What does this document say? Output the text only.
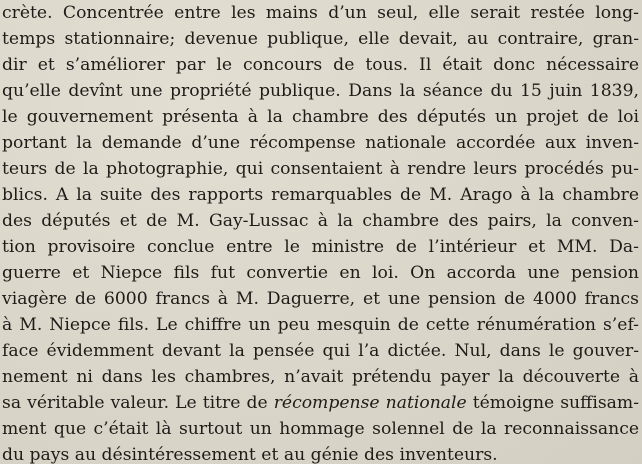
crète. Concentrée entre les mains d’un seul, elle serait restée long-
temps stationnaire; devenue publique, elle devait, au contraire, gran-
dir et s’améliorer par le concours de tous. Il était donc nécessaire
qu’elle devînt une propriété publique. Dans la séance du 15 juin 1839,
le gouvernement présenta à la chambre des députés un projet de loi
portant la demande d’une récompense nationale accordée aux inven-
teurs de la photographie, qui consentaient à rendre leurs procédés pu-
blics. A la suite des rapports remarquables de M. Arago à la chambre
des députés et de M. Gay-Lussac à la chambre des pairs, la conven-
tion provisoire conclue entre le ministre de l’intérieur et MM. Da-
guerre et Niepce fils fut convertie en loi. On accorda une pension
viagère de 6000 francs à M. Daguerre, et une pension de 4000 francs
à M. Niepce fils. Le chiffre un peu mesquin de cette rénumération s’ef-
face évidemment devant la pensée qui l’a dictée. Nul, dans le gouver-
nement ni dans les chambres, n’avait prétendu payer la découverte à
sa véritable valeur. Le titre de récompense nationale témoigne suffisam-
ment que c’était là surtout un hommage solennel de la reconnaissance
du pays au désintéressement et au génie des inventeurs.
